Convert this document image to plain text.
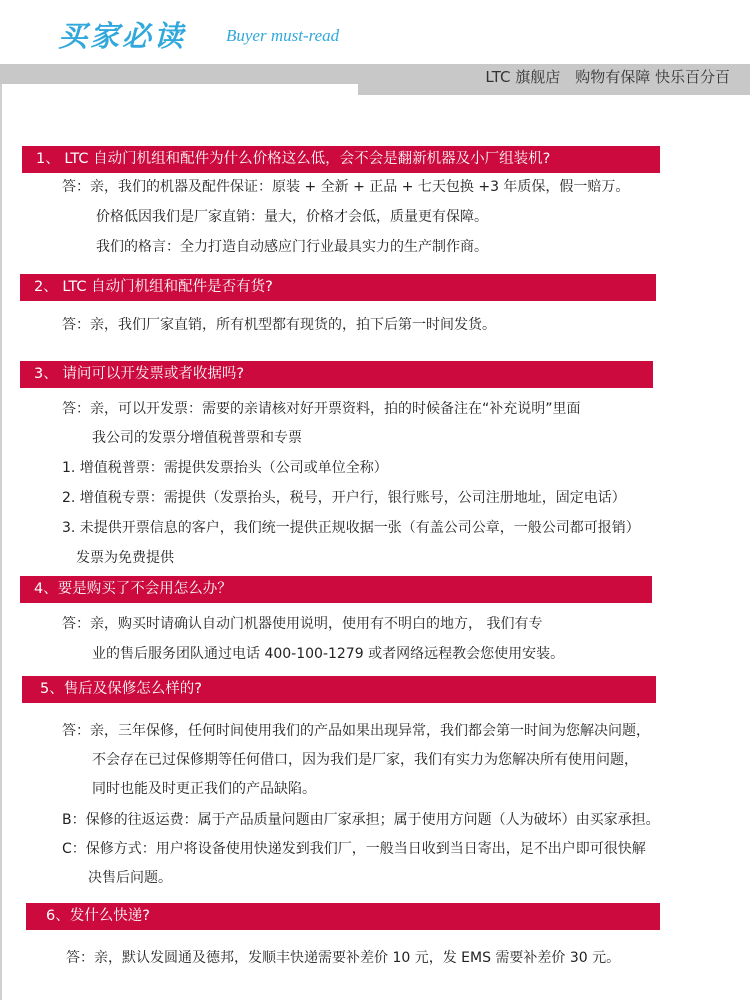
买家必读 Buyer must-read
LTC 旗舰店　购物有保障 快乐百分百
1、 LTC 自动门机组和配件为什么价格这么低，会不会是翻新机器及小厂组装机?
答：亲，我们的机器及配件保证：原装 + 全新 + 正品 + 七天包换 +3 年质保，假一赔万。
价格低因我们是厂家直销：量大，价格才会低，质量更有保障。
我们的格言：全力打造自动感应门行业最具实力的生产制作商。
2、 LTC 自动门机组和配件是否有货?
答：亲，我们厂家直销，所有机型都有现货的，拍下后第一时间发货。
3、 请问可以开发票或者收据吗?
答：亲，可以开发票：需要的亲请核对好开票资料，拍的时候备注在“补充说明”里面
我公司的发票分增值税普票和专票
1. 增值税普票：需提供发票抬头（公司或单位全称）
2. 增值税专票：需提供（发票抬头，税号，开户行，银行账号，公司注册地址，固定电话）
3. 未提供开票信息的客户，我们统一提供正规收据一张（有盖公司公章，一般公司都可报销）
发票为免费提供
4、要是购买了不会用怎么办？
答：亲，购买时请确认自动门机器使用说明，使用有不明白的地方， 我们有专
业的售后服务团队通过电话 400-100-1279 或者网络远程教会您使用安装。
5、售后及保修怎么样的?
答：亲，三年保修，任何时间使用我们的产品如果出现异常，我们都会第一时间为您解决问题，
不会存在已过保修期等任何借口，因为我们是厂家，我们有实力为您解决所有使用问题，
同时也能及时更正我们的产品缺陷。
B：保修的往返运费：属于产品质量问题由厂家承担；属于使用方问题（人为破坏）由买家承担。
C：保修方式：用户将设备使用快递发到我们厂，一般当日收到当日寄出，足不出户即可很快解
决售后问题。
6、发什么快递?
答：亲，默认发圆通及德邦，发顺丰快递需要补差价 10 元，发 EMS 需要补差价 30 元。
